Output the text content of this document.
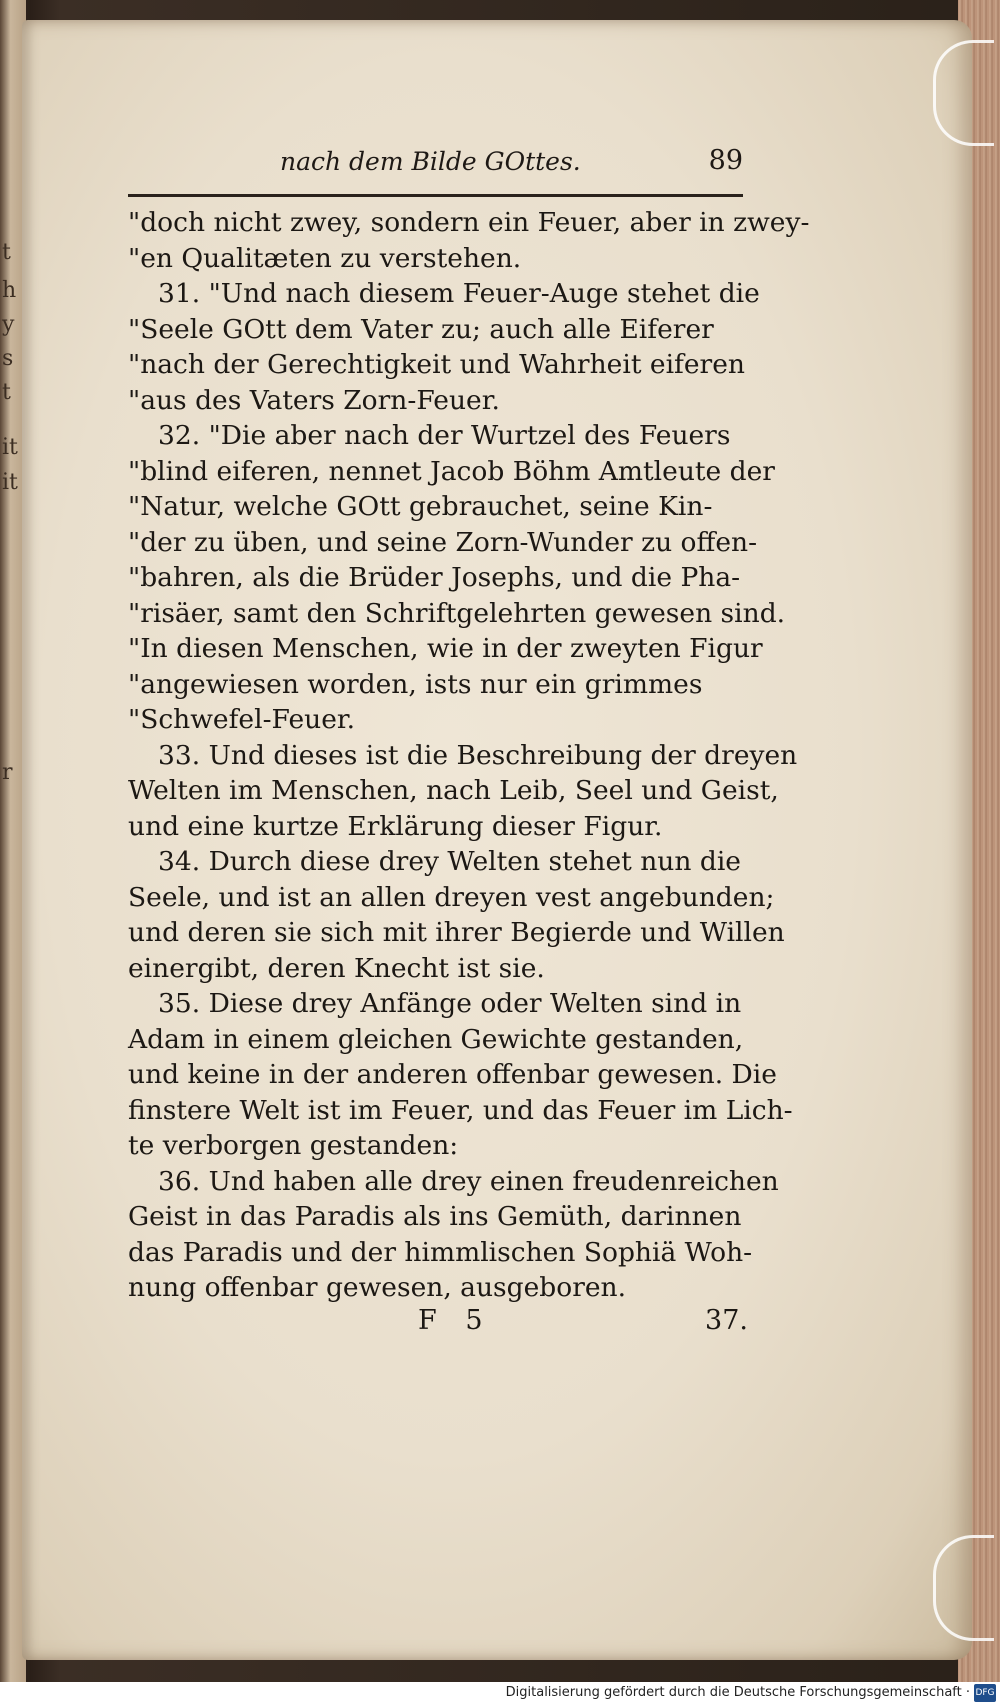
t
h
y
s
t
it
it
r
nach dem Bilde GOttes.	89
"doch nicht zwey, sondern ein Feuer, aber in zwey-
"en Qualitæten zu verstehen.
31. "Und nach diesem Feuer-Auge stehet die
"Seele GOtt dem Vater zu; auch alle Eiferer
"nach der Gerechtigkeit und Wahrheit eiferen
"aus des Vaters Zorn-Feuer.
32. "Die aber nach der Wurtzel des Feuers
"blind eiferen, nennet Jacob Böhm Amtleute der
"Natur, welche GOtt gebrauchet, seine Kin-
"der zu üben, und seine Zorn-Wunder zu offen-
"bahren, als die Brüder Josephs, und die Pha-
"risäer, samt den Schriftgelehrten gewesen sind.
"In diesen Menschen, wie in der zweyten Figur
"angewiesen worden, ists nur ein grimmes
"Schwefel-Feuer.
33. Und dieses ist die Beschreibung der dreyen
Welten im Menschen, nach Leib, Seel und Geist,
und eine kurtze Erklärung dieser Figur.
34. Durch diese drey Welten stehet nun die
Seele, und ist an allen dreyen vest angebunden;
und deren sie sich mit ihrer Begierde und Willen
einergibt, deren Knecht ist sie.
35. Diese drey Anfänge oder Welten sind in
Adam in einem gleichen Gewichte gestanden,
und keine in der anderen offenbar gewesen. Die
finstere Welt ist im Feuer, und das Feuer im Lich-
te verborgen gestanden:
36. Und haben alle drey einen freudenreichen
Geist in das Paradis als ins Gemüth, darinnen
das Paradis und der himmlischen Sophiä Woh-
nung offenbar gewesen, ausgeboren.
F 5	37.
Digitalisierung gefördert durch die Deutsche Forschungsgemeinschaft · DFG
